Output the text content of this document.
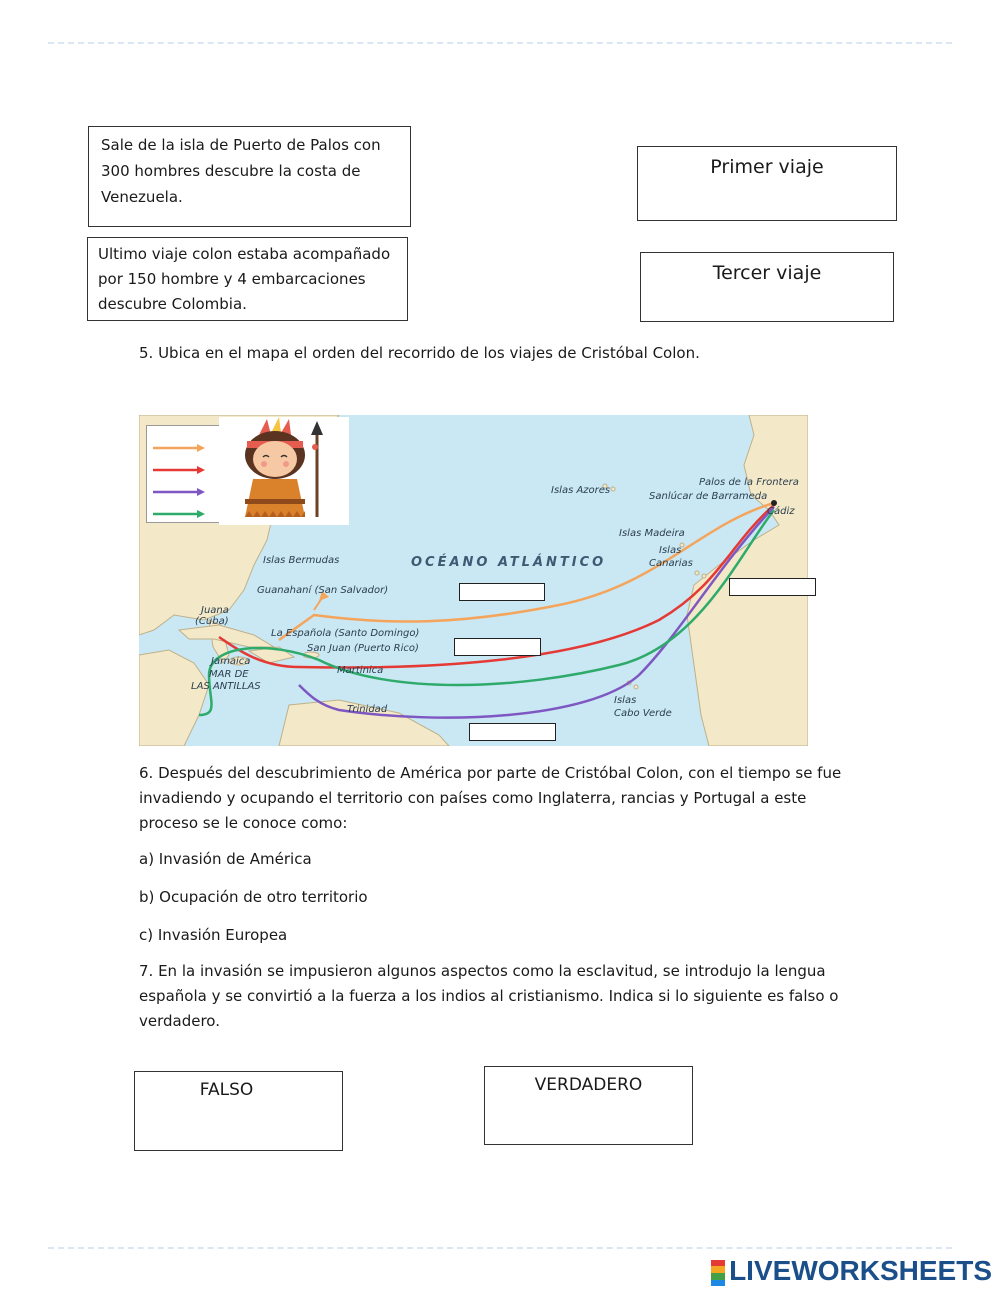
Sale de la isla de Puerto de Palos con 300 hombres descubre la costa de Venezuela.
Ultimo viaje colon estaba acompañado por 150 hombre y 4 embarcaciones descubre Colombia.
Primer viaje
Tercer viaje
5. Ubica en el mapa el orden del recorrido de los viajes de Cristóbal Colon.
OCÉANO ATLÁNTICO
Islas Azores
Palos de la Frontera
Sanlúcar de Barrameda
Cádiz
Islas Madeira
Islas
Canarias
Islas Bermudas
Guanahaní (San Salvador)
Juana
(Cuba)
La Española (Santo Domingo)
San Juan (Puerto Rico)
Jamaica
Martinica
MAR DE
LAS ANTILLAS
Trinidad
Islas
Cabo Verde
6. Después del descubrimiento de América por parte de Cristóbal Colon, con el tiempo se fue invadiendo y ocupando el territorio con países como Inglaterra, rancias y Portugal a este proceso se le conoce como:
a) Invasión de América
b) Ocupación de otro territorio
c) Invasión Europea
7. En la invasión se impusieron algunos aspectos como la esclavitud, se introdujo la lengua española y se convirtió a la fuerza a los indios al cristianismo. Indica si lo siguiente es falso o verdadero.
FALSO	VERDADERO
LIVEWORKSHEETS
